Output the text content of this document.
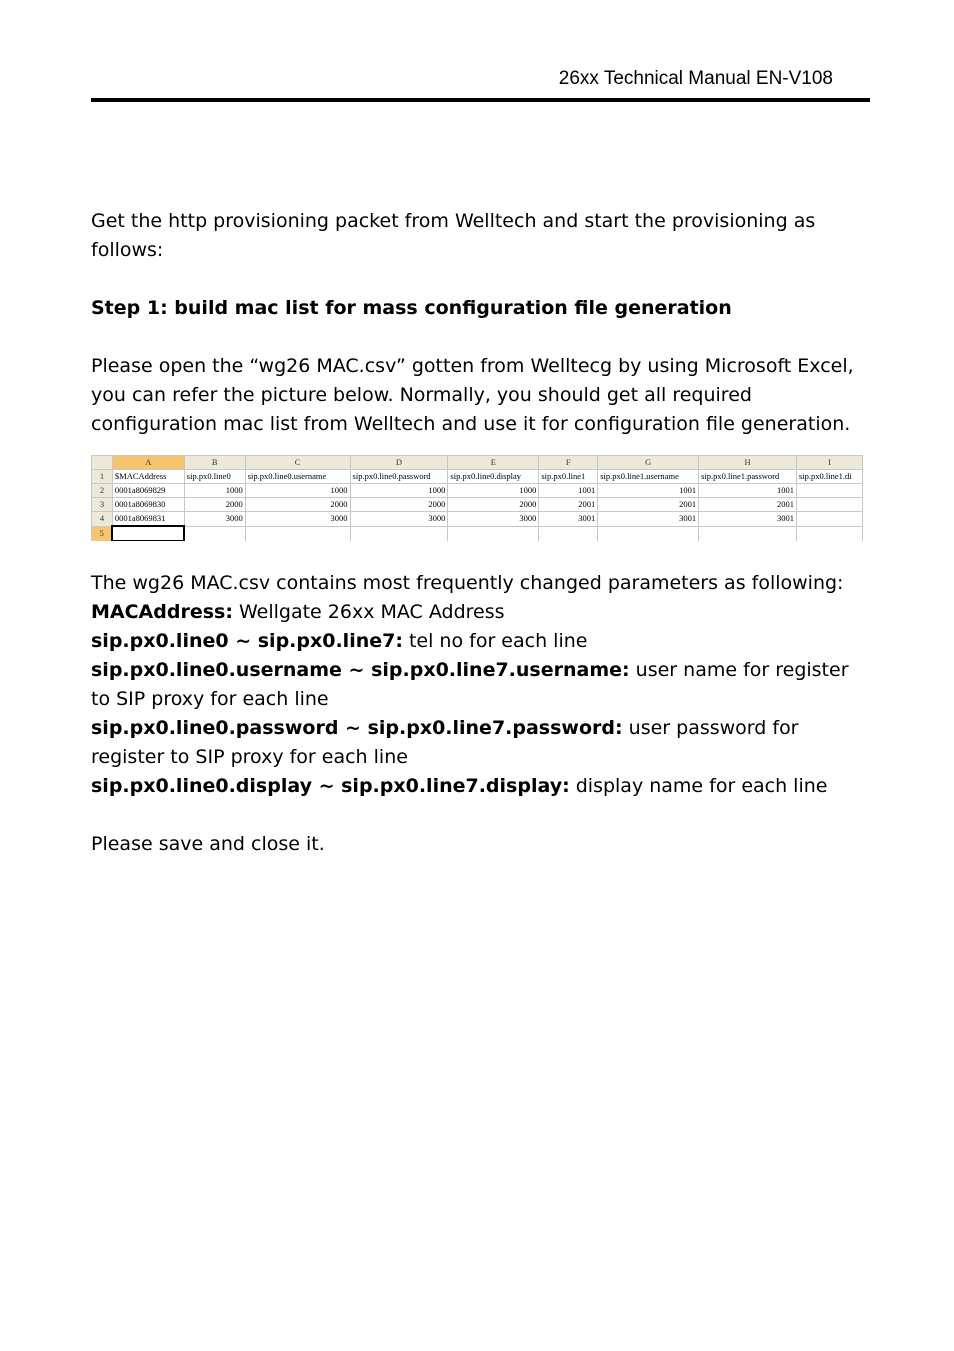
26xx Technical Manual EN-V108

Get the http provisioning packet from Welltech and start the provisioning as follows:

Step 1: build mac list for mass configuration file generation

Please open the “wg26 MAC.csv” gotten from Welltecg by using Microsoft Excel, you can refer the picture below. Normally, you should get all required configuration mac list from Welltech and use it for configuration file generation.

	A	B	C	D	E	F	G	H	I
1	$MACAddress	sip.px0.line0	sip.px0.line0.username	sip.px0.line0.password	sip.px0.line0.display	sip.px0.line1	sip.px0.line1.username	sip.px0.line1.password	sip.px0.line1.di
2	0001a8069829	1000	1000	1000	1000	1001	1001	1001	
3	0001a8069830	2000	2000	2000	2000	2001	2001	2001	
4	0001a8069831	3000	3000	3000	3000	3001	3001	3001	
5									

The wg26 MAC.csv contains most frequently changed parameters as following:

MACAddress: Wellgate 26xx MAC Address

sip.px0.line0 ~ sip.px0.line7: tel no for each line

sip.px0.line0.username ~ sip.px0.line7.username: user name for register to SIP proxy for each line

sip.px0.line0.password ~ sip.px0.line7.password: user password for register to SIP proxy for each line

sip.px0.line0.display ~ sip.px0.line7.display: display name for each line

Please save and close it.
